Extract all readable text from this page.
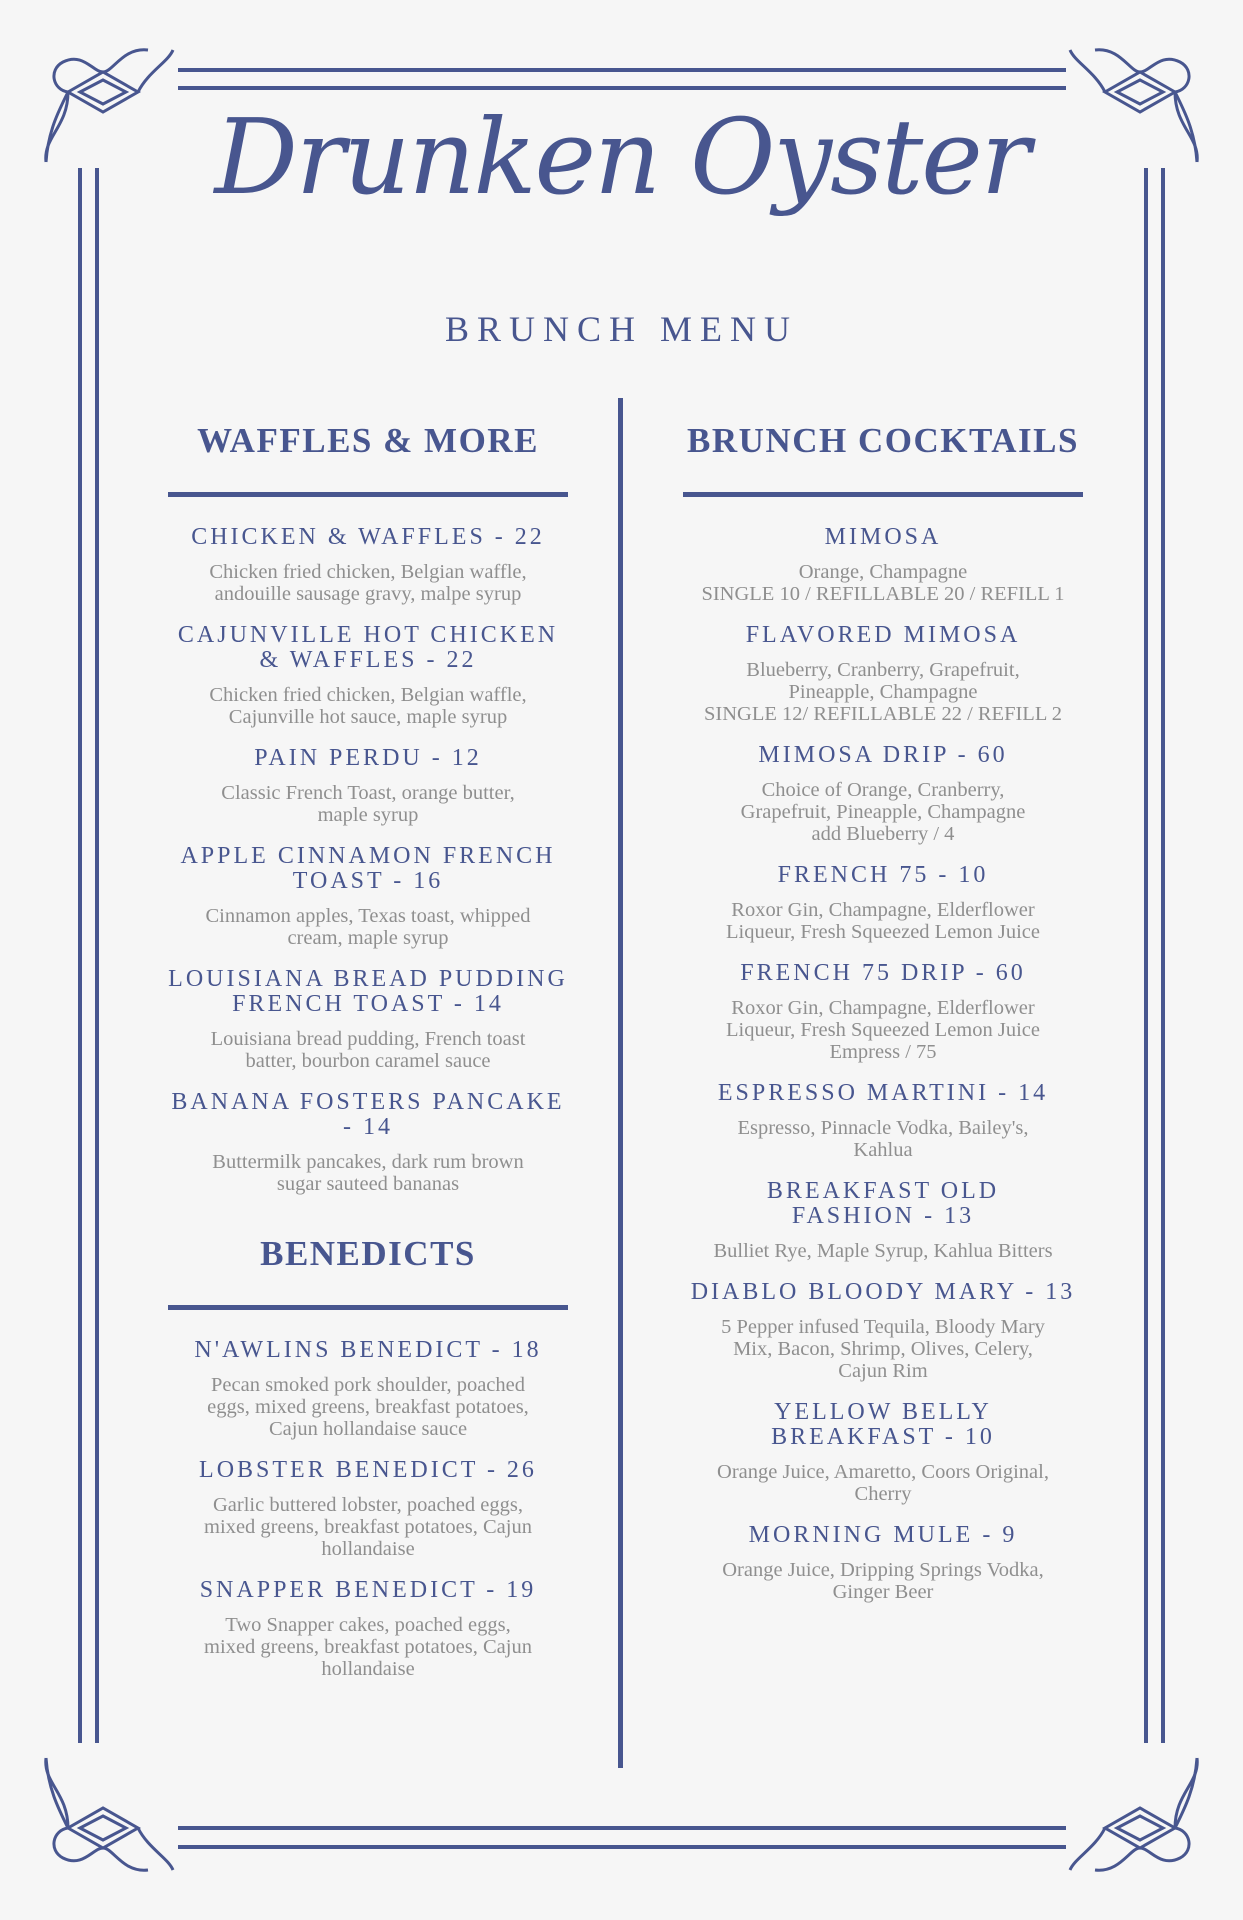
Drunken Oyster
BRUNCH MENU
WAFFLES & MORE
CHICKEN & WAFFLES - 22
Chicken fried chicken, Belgian waffle,
andouille sausage gravy, malpe syrup
CAJUNVILLE HOT CHICKEN
& WAFFLES - 22
Chicken fried chicken, Belgian waffle,
Cajunville hot sauce, maple syrup
PAIN PERDU - 12
Classic French Toast, orange butter,
maple syrup
APPLE CINNAMON FRENCH
TOAST - 16
Cinnamon apples, Texas toast, whipped
cream, maple syrup
LOUISIANA BREAD PUDDING
FRENCH TOAST - 14
Louisiana bread pudding, French toast
batter, bourbon caramel sauce
BANANA FOSTERS PANCAKE
- 14
Buttermilk pancakes, dark rum brown
sugar sauteed bananas
BENEDICTS
N'AWLINS BENEDICT - 18
Pecan smoked pork shoulder, poached
eggs, mixed greens, breakfast potatoes,
Cajun hollandaise sauce
LOBSTER BENEDICT - 26
Garlic buttered lobster, poached eggs,
mixed greens, breakfast potatoes, Cajun
hollandaise
SNAPPER BENEDICT - 19
Two Snapper cakes, poached eggs,
mixed greens, breakfast potatoes, Cajun
hollandaise
BRUNCH COCKTAILS
MIMOSA
Orange, Champagne
SINGLE 10 / REFILLABLE 20 / REFILL 1
FLAVORED MIMOSA
Blueberry, Cranberry, Grapefruit,
Pineapple, Champagne
SINGLE 12/ REFILLABLE 22 / REFILL 2
MIMOSA DRIP - 60
Choice of Orange, Cranberry,
Grapefruit, Pineapple, Champagne
add Blueberry / 4
FRENCH 75 - 10
Roxor Gin, Champagne, Elderflower
Liqueur, Fresh Squeezed Lemon Juice
FRENCH 75 DRIP - 60
Roxor Gin, Champagne, Elderflower
Liqueur, Fresh Squeezed Lemon Juice
Empress / 75
ESPRESSO MARTINI - 14
Espresso, Pinnacle Vodka, Bailey's,
Kahlua
BREAKFAST OLD
FASHION - 13
Bulliet Rye, Maple Syrup, Kahlua Bitters
DIABLO BLOODY MARY - 13
5 Pepper infused Tequila, Bloody Mary
Mix, Bacon, Shrimp, Olives, Celery,
Cajun Rim
YELLOW BELLY
BREAKFAST - 10
Orange Juice, Amaretto, Coors Original,
Cherry
MORNING MULE - 9
Orange Juice, Dripping Springs Vodka,
Ginger Beer
